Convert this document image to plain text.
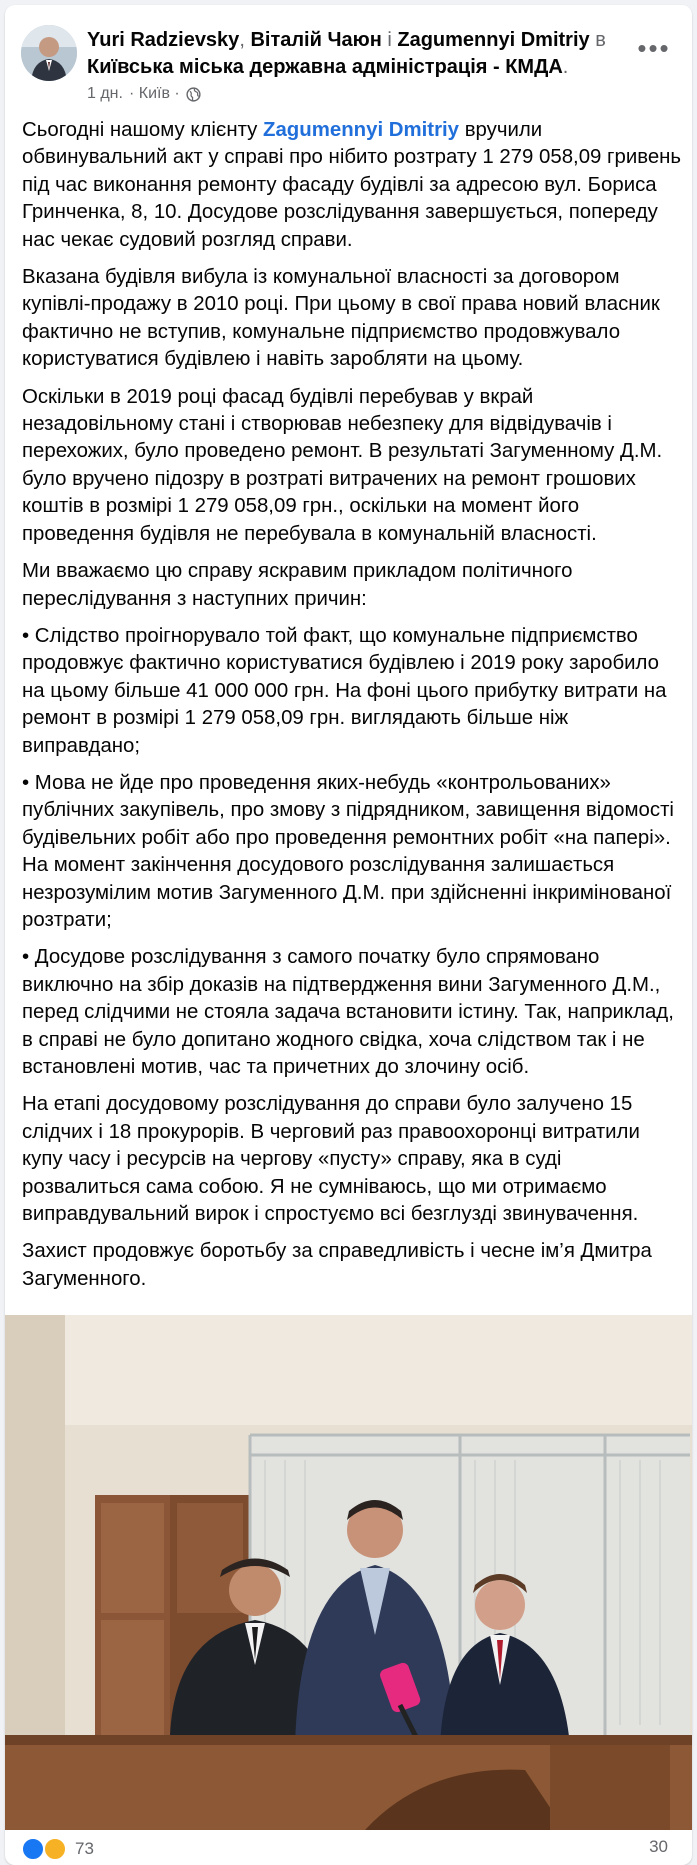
Yuri Radzievsky, Віталій Чаюн і Zagumennyi Dmitriy в Київська міська державна адміністрація - КМДА.
1 дн. · Київ ·
•••

Сьогодні нашому клієнту Zagumennyi Dmitriy вручили обвинувальний акт у справі про нібито розтрату 1 279 058,09 гривень під час виконання ремонту фасаду будівлі за адресою вул. Бориса Гринченка, 8, 10. Досудове розслідування завершується, попереду нас чекає судовий розгляд справи.

Вказана будівля вибула із комунальної власності за договором купівлі-продажу в 2010 році. При цьому в свої права новий власник фактично не вступив, комунальне підприємство продовжувало користуватися будівлею і навіть заробляти на цьому.

Оскільки в 2019 році фасад будівлі перебував у вкрай незадовільному стані і створював небезпеку для відвідувачів і перехожих, було проведено ремонт. В результаті Загуменному Д.М. було вручено підозру в розтраті витрачених на ремонт грошових коштів в розмірі 1 279 058,09 грн., оскільки на момент його проведення будівля не перебувала в комунальній власності.

Ми вважаємо цю справу яскравим прикладом політичного переслідування з наступних причин:

• Слідство проігнорувало той факт, що комунальне підприємство продовжує фактично користуватися будівлею і 2019 року заробило на цьому більше 41 000 000 грн. На фоні цього прибутку витрати на ремонт в розмірі 1 279 058,09 грн. виглядають більше ніж виправдано;

• Мова не йде про проведення яких-небудь «контрольованих» публічних закупівель, про змову з підрядником, завищення відомості будівельних робіт або про проведення ремонтних робіт «на папері». На момент закінчення досудового розслідування залишається незрозумілим мотив Загуменного Д.М. при здійсненні інкримінованої розтрати;

• Досудове розслідування з самого початку було спрямовано виключно на збір доказів на підтвердження вини Загуменного Д.М., перед слідчими не стояла задача встановити істину. Так, наприклад, в справі не було допитано жодного свідка, хоча слідством так і не встановлені мотив, час та причетних до злочину осіб.

На етапі досудовому розслідування до справи було залучено 15 слідчих і 18 прокурорів. В черговий раз правоохоронці витратили купу часу і ресурсів на чергову «пусту» справу, яка в суді розвалиться сама собою. Я не сумніваюсь, що ми отримаємо виправдувальний вирок і спростуємо всі безглузді звинувачення.

Захист продовжує боротьбу за справедливість і чесне ім’я Дмитра Загуменного.

73	30
